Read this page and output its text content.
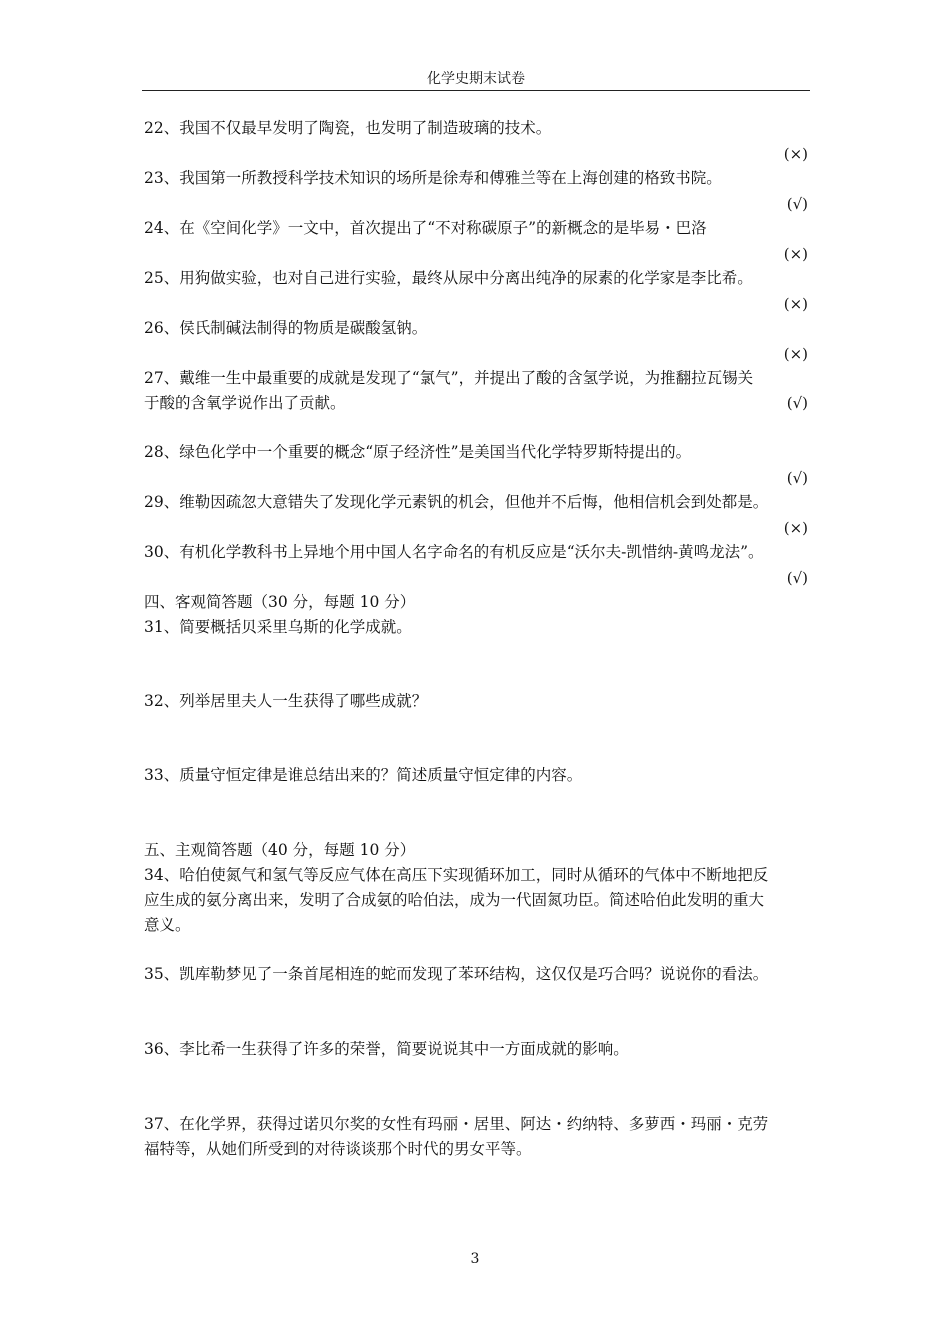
化学史期末试卷
22、我国不仅最早发明了陶瓷，也发明了制造玻璃的技术。
(×)
23、我国第一所教授科学技术知识的场所是徐寿和傅雅兰等在上海创建的格致书院。
(√)
24、在《空间化学》一文中，首次提出了“不对称碳原子”的新概念的是毕易・巴洛
(×)
25、用狗做实验，也对自己进行实验，最终从尿中分离出纯净的尿素的化学家是李比希。
(×)
26、侯氏制碱法制得的物质是碳酸氢钠。
(×)
27、戴维一生中最重要的成就是发现了“氯气”，并提出了酸的含氢学说，为推翻拉瓦锡关
于酸的含氧学说作出了贡献。	(√)
28、绿色化学中一个重要的概念“原子经济性”是美国当代化学特罗斯特提出的。
(√)
29、维勒因疏忽大意错失了发现化学元素钒的机会，但他并不后悔，他相信机会到处都是。
(×)
30、有机化学教科书上异地个用中国人名字命名的有机反应是“沃尔夫-凯惜纳-黄鸣龙法”。
(√)
四、客观简答题（30 分，每题 10 分）
31、简要概括贝采里乌斯的化学成就。
32、列举居里夫人一生获得了哪些成就？
33、质量守恒定律是谁总结出来的？简述质量守恒定律的内容。
五、主观简答题（40 分，每题 10 分）
34、哈伯使氮气和氢气等反应气体在高压下实现循环加工，同时从循环的气体中不断地把反
应生成的氨分离出来，发明了合成氨的哈伯法，成为一代固氮功臣。简述哈伯此发明的重大
意义。
35、凯库勒梦见了一条首尾相连的蛇而发现了苯环结构，这仅仅是巧合吗？说说你的看法。
36、李比希一生获得了许多的荣誉，简要说说其中一方面成就的影响。
37、在化学界，获得过诺贝尔奖的女性有玛丽・居里、阿达・约纳特、多萝西・玛丽・克劳
福特等，从她们所受到的对待谈谈那个时代的男女平等。
3
